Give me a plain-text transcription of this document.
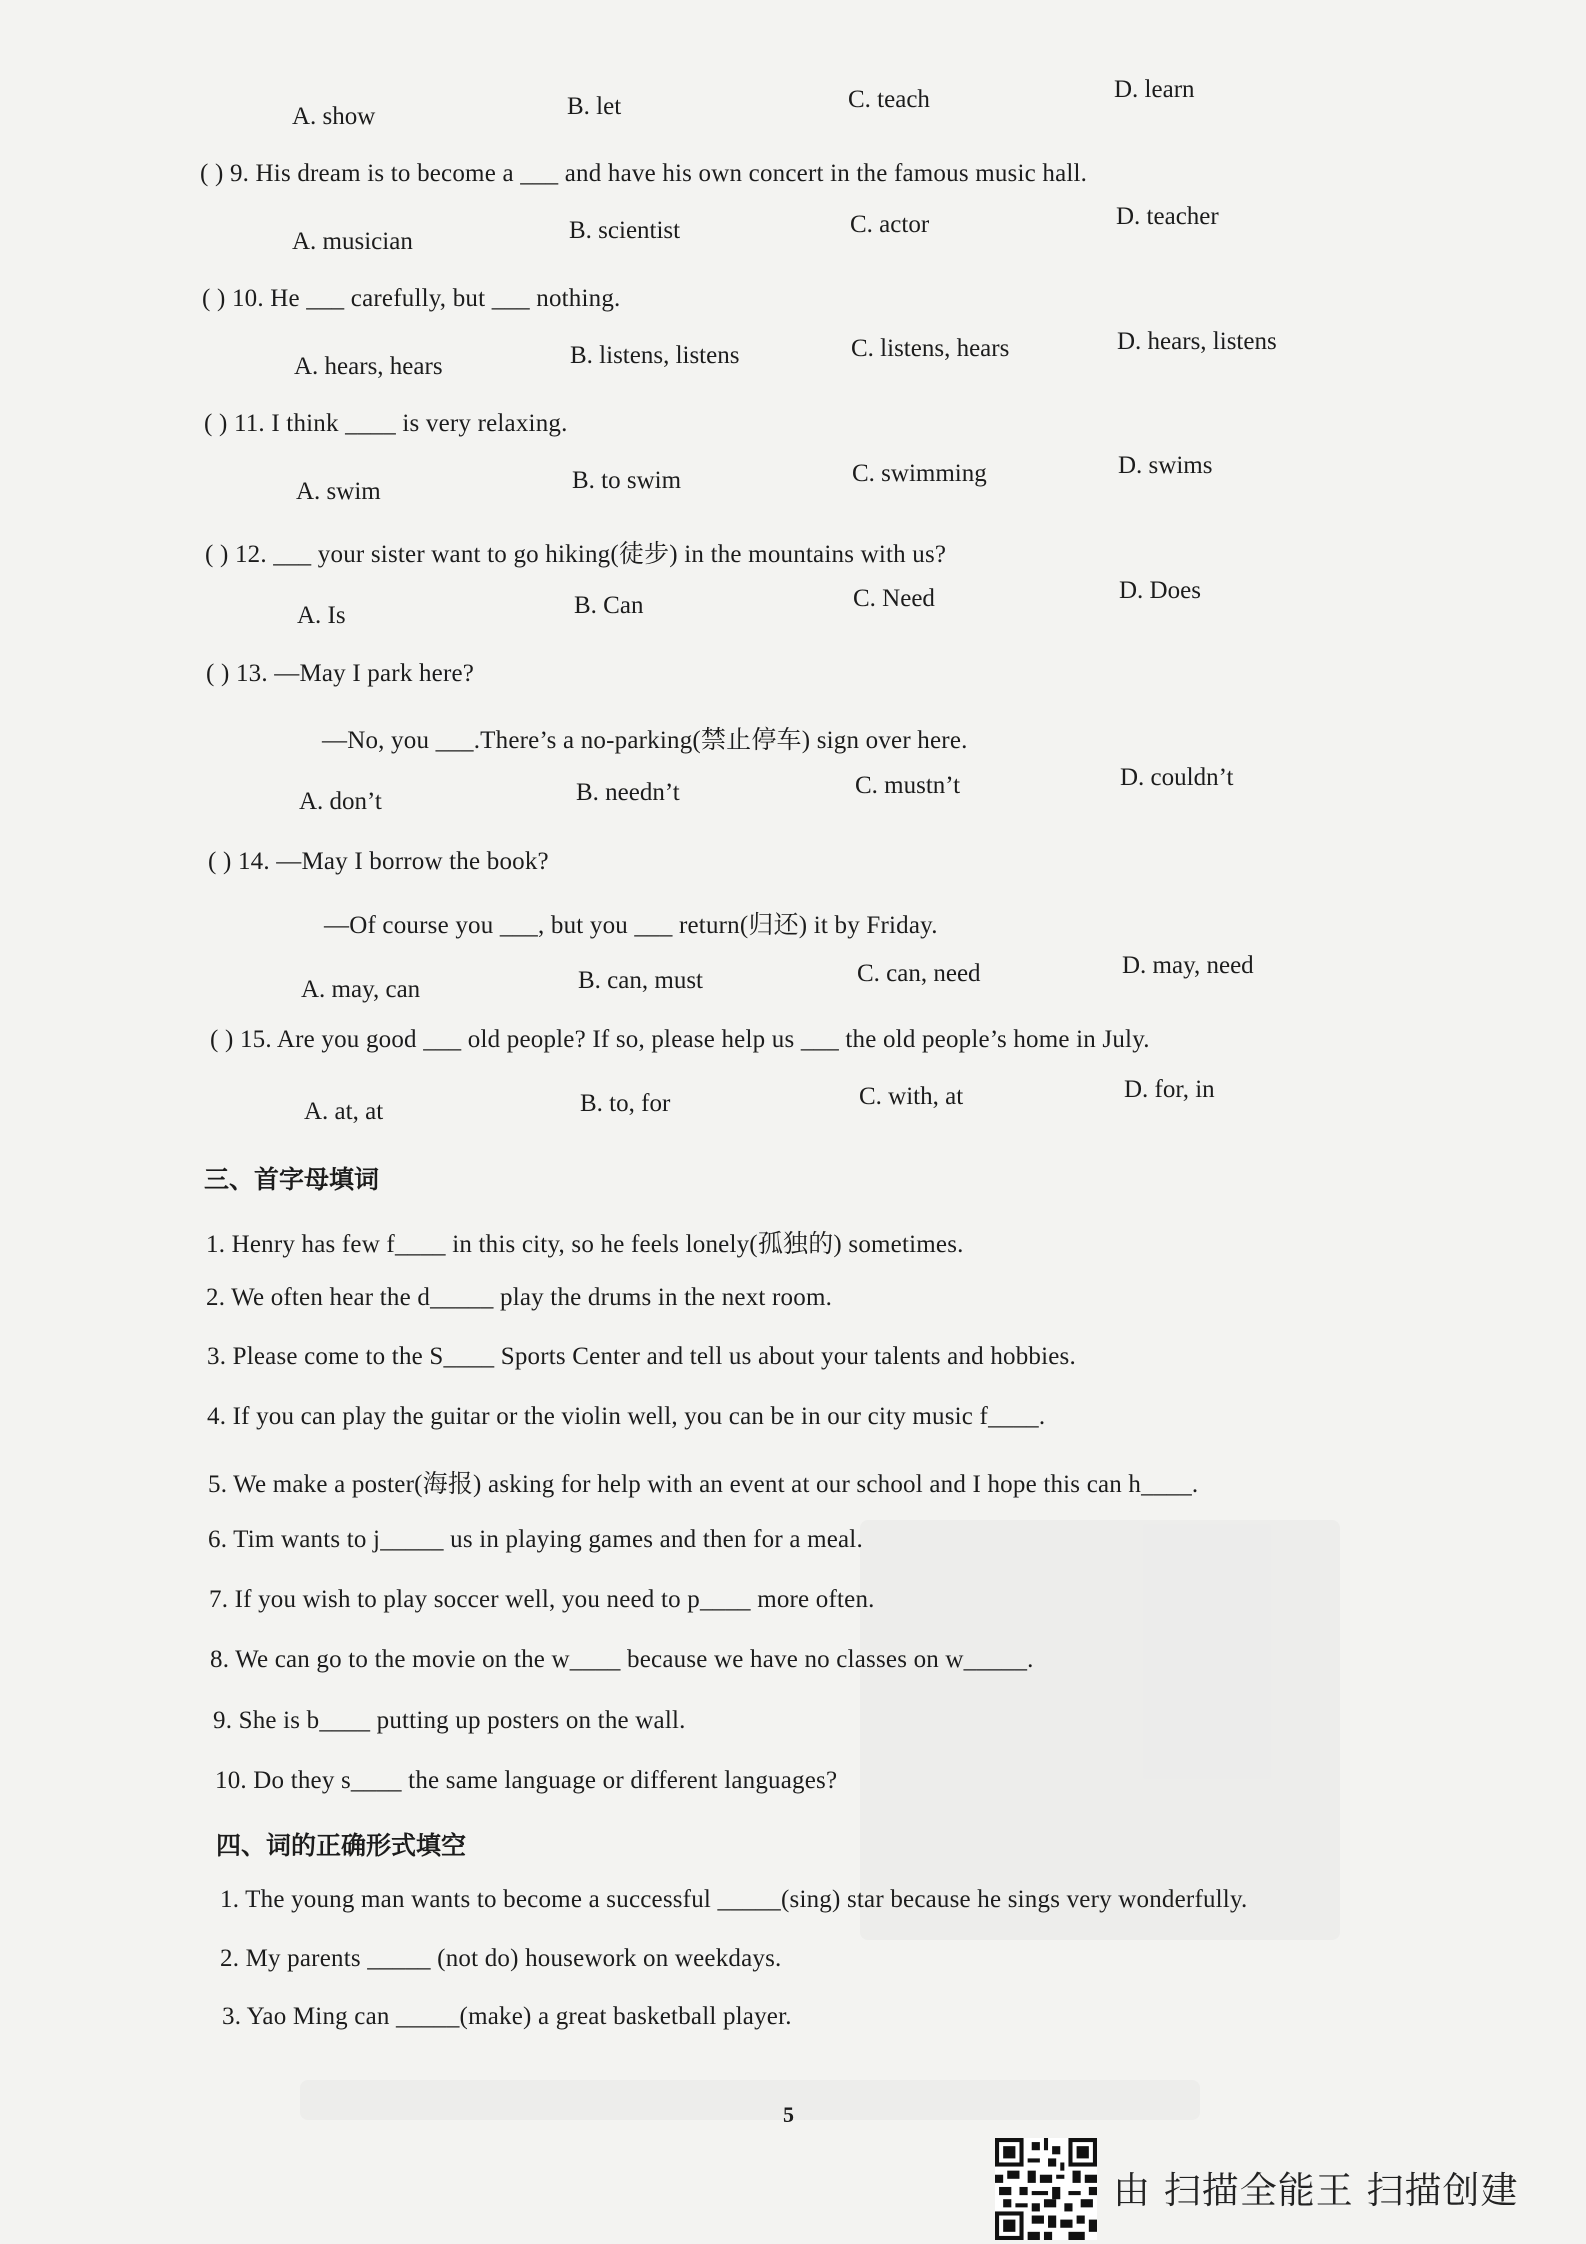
A. show	B. let	C. teach	D. learn
( ) 9. His dream is to become a ___ and have his own concert in the famous music hall.
A. musician	B. scientist	C. actor	D. teacher
( ) 10. He ___ carefully, but ___ nothing.
A. hears, hears	B. listens, listens	C. listens, hears	D. hears, listens
( ) 11. I think ____ is very relaxing.
A. swim	B. to swim	C. swimming	D. swims
( ) 12. ___ your sister want to go hiking(徒步) in the mountains with us?
A. Is	B. Can	C. Need	D. Does
( ) 13. —May I park here?
—No, you ___.There’s a no-parking(禁止停车) sign over here.
A. don’t	B. needn’t	C. mustn’t	D. couldn’t
( ) 14. —May I borrow the book?
—Of course you ___, but you ___ return(归还) it by Friday.
A. may, can	B. can, must	C. can, need	D. may, need
( ) 15. Are you good ___ old people? If so, please help us ___ the old people’s home in July.
A. at, at	B. to, for	C. with, at	D. for, in
三、首字母填词
1. Henry has few f____ in this city, so he feels lonely(孤独的) sometimes.
2. We often hear the d_____ play the drums in the next room.
3. Please come to the S____ Sports Center and tell us about your talents and hobbies.
4. If you can play the guitar or the violin well, you can be in our city music f____.
5. We make a poster(海报) asking for help with an event at our school and I hope this can h____.
6. Tim wants to j_____ us in playing games and then for a meal.
7. If you wish to play soccer well, you need to p____ more often.
8. We can go to the movie on the w____ because we have no classes on w_____.
9. She is b____ putting up posters on the wall.
10. Do they s____ the same language or different languages?
四、词的正确形式填空
1. The young man wants to become a successful _____(sing) star because he sings very wonderfully.
2. My parents _____ (not do) housework on weekdays.
3. Yao Ming can _____(make) a great basketball player.
5
由 扫描全能王 扫描创建
